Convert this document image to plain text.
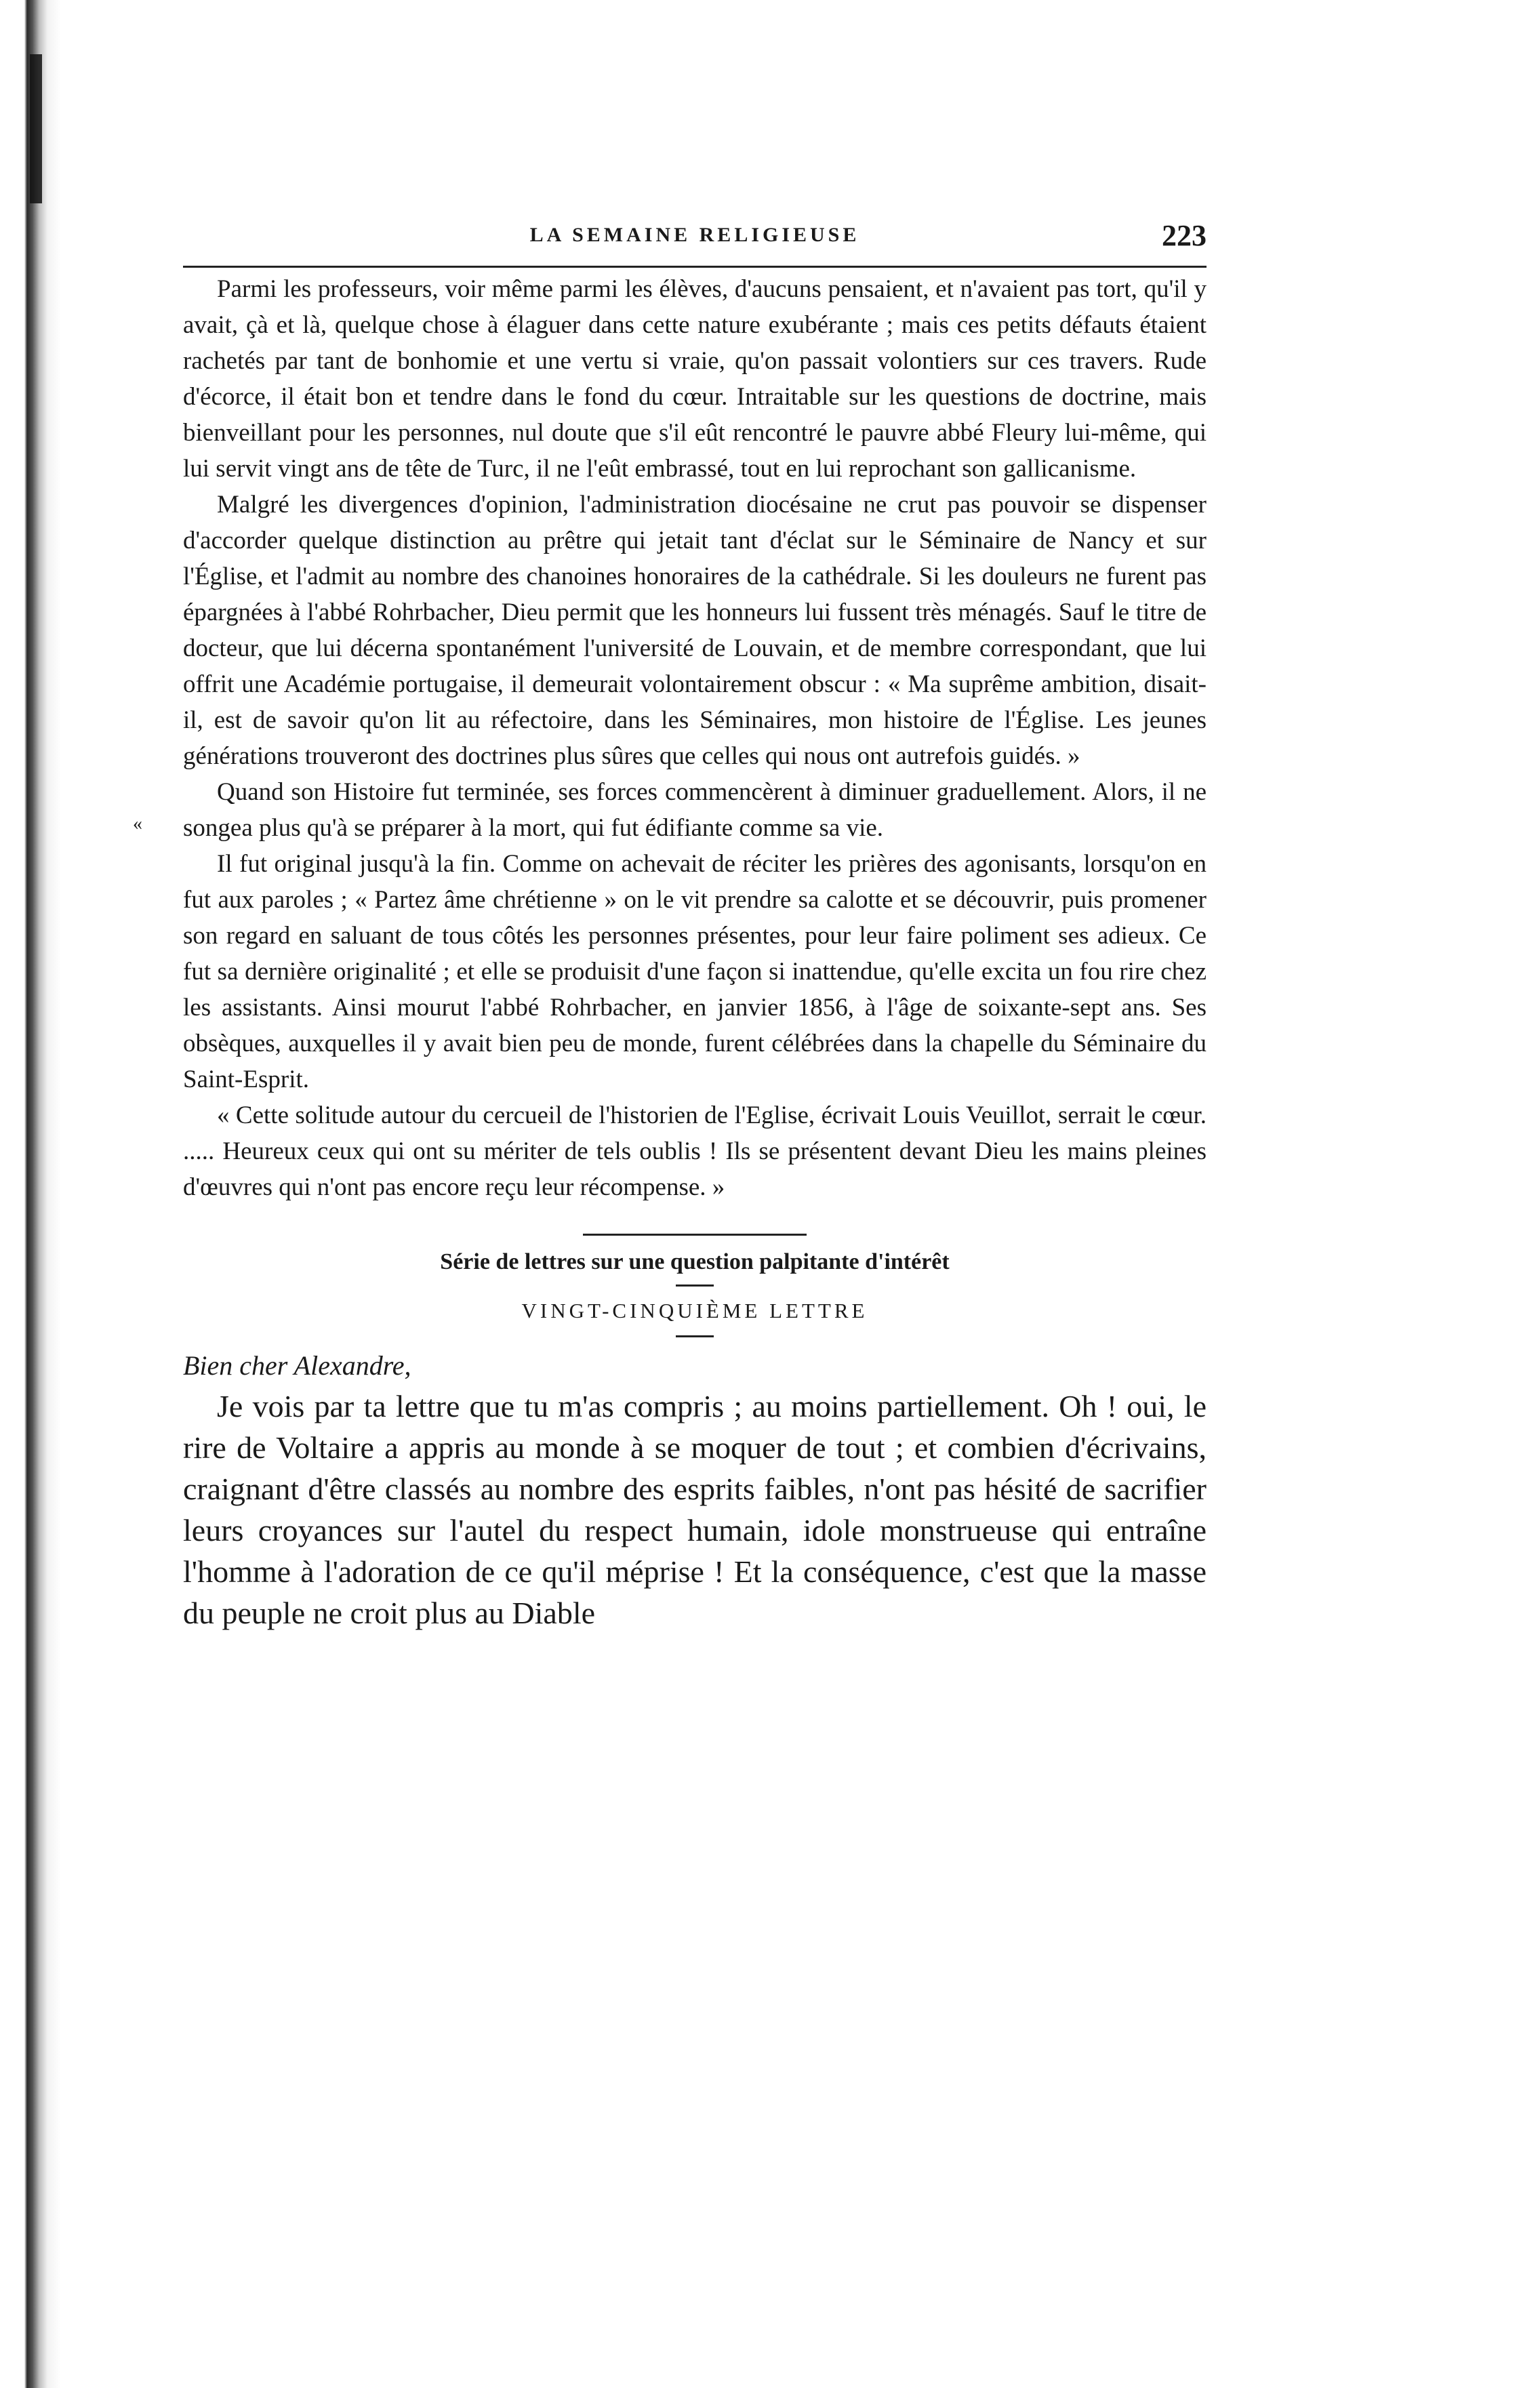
«
LA SEMAINE RELIGIEUSE	223

Parmi les professeurs, voir même parmi les élèves, d'aucuns pensaient, et n'avaient pas tort, qu'il y avait, çà et là, quelque chose à élaguer dans cette nature exubérante ; mais ces petits défauts étaient rachetés par tant de bonhomie et une vertu si vraie, qu'on passait volontiers sur ces travers. Rude d'écorce, il était bon et tendre dans le fond du cœur. Intraitable sur les questions de doctrine, mais bienveillant pour les personnes, nul doute que s'il eût rencontré le pauvre abbé Fleury lui-même, qui lui servit vingt ans de tête de Turc, il ne l'eût embrassé, tout en lui reprochant son gallicanisme.

Malgré les divergences d'opinion, l'administration diocésaine ne crut pas pouvoir se dispenser d'accorder quelque distinction au prêtre qui jetait tant d'éclat sur le Séminaire de Nancy et sur l'Église, et l'admit au nombre des chanoines honoraires de la cathédrale. Si les douleurs ne furent pas épargnées à l'abbé Rohrbacher, Dieu permit que les honneurs lui fussent très ménagés. Sauf le titre de docteur, que lui décerna spontanément l'université de Louvain, et de membre correspondant, que lui offrit une Académie portugaise, il demeurait volontairement obscur : « Ma suprême ambition, disait-il, est de savoir qu'on lit au réfectoire, dans les Séminaires, mon histoire de l'Église. Les jeunes générations trouveront des doctrines plus sûres que celles qui nous ont autrefois guidés. »

Quand son Histoire fut terminée, ses forces commencèrent à diminuer graduellement. Alors, il ne songea plus qu'à se préparer à la mort, qui fut édifiante comme sa vie.

Il fut original jusqu'à la fin. Comme on achevait de réciter les prières des agonisants, lorsqu'on en fut aux paroles ; « Partez âme chrétienne » on le vit prendre sa calotte et se découvrir, puis promener son regard en saluant de tous côtés les personnes présentes, pour leur faire poliment ses adieux. Ce fut sa dernière originalité ; et elle se produisit d'une façon si inattendue, qu'elle excita un fou rire chez les assistants. Ainsi mourut l'abbé Rohrbacher, en janvier 1856, à l'âge de soixante-sept ans. Ses obsèques, auxquelles il y avait bien peu de monde, furent célébrées dans la chapelle du Séminaire du Saint-Esprit.

« Cette solitude autour du cercueil de l'historien de l'Eglise, écrivait Louis Veuillot, serrait le cœur. ..... Heureux ceux qui ont su mériter de tels oublis ! Ils se présentent devant Dieu les mains pleines d'œuvres qui n'ont pas encore reçu leur récompense. »

Série de lettres sur une question palpitante d'intérêt
VINGT-CINQUIÈME LETTRE
Bien cher Alexandre,

Je vois par ta lettre que tu m'as compris ; au moins partiellement. Oh ! oui, le rire de Voltaire a appris au monde à se moquer de tout ; et combien d'écrivains, craignant d'être classés au nombre des esprits faibles, n'ont pas hésité de sacrifier leurs croyances sur l'autel du respect humain, idole monstrueuse qui entraîne l'homme à l'adoration de ce qu'il méprise ! Et la conséquence, c'est que la masse du peuple ne croit plus au Diable
